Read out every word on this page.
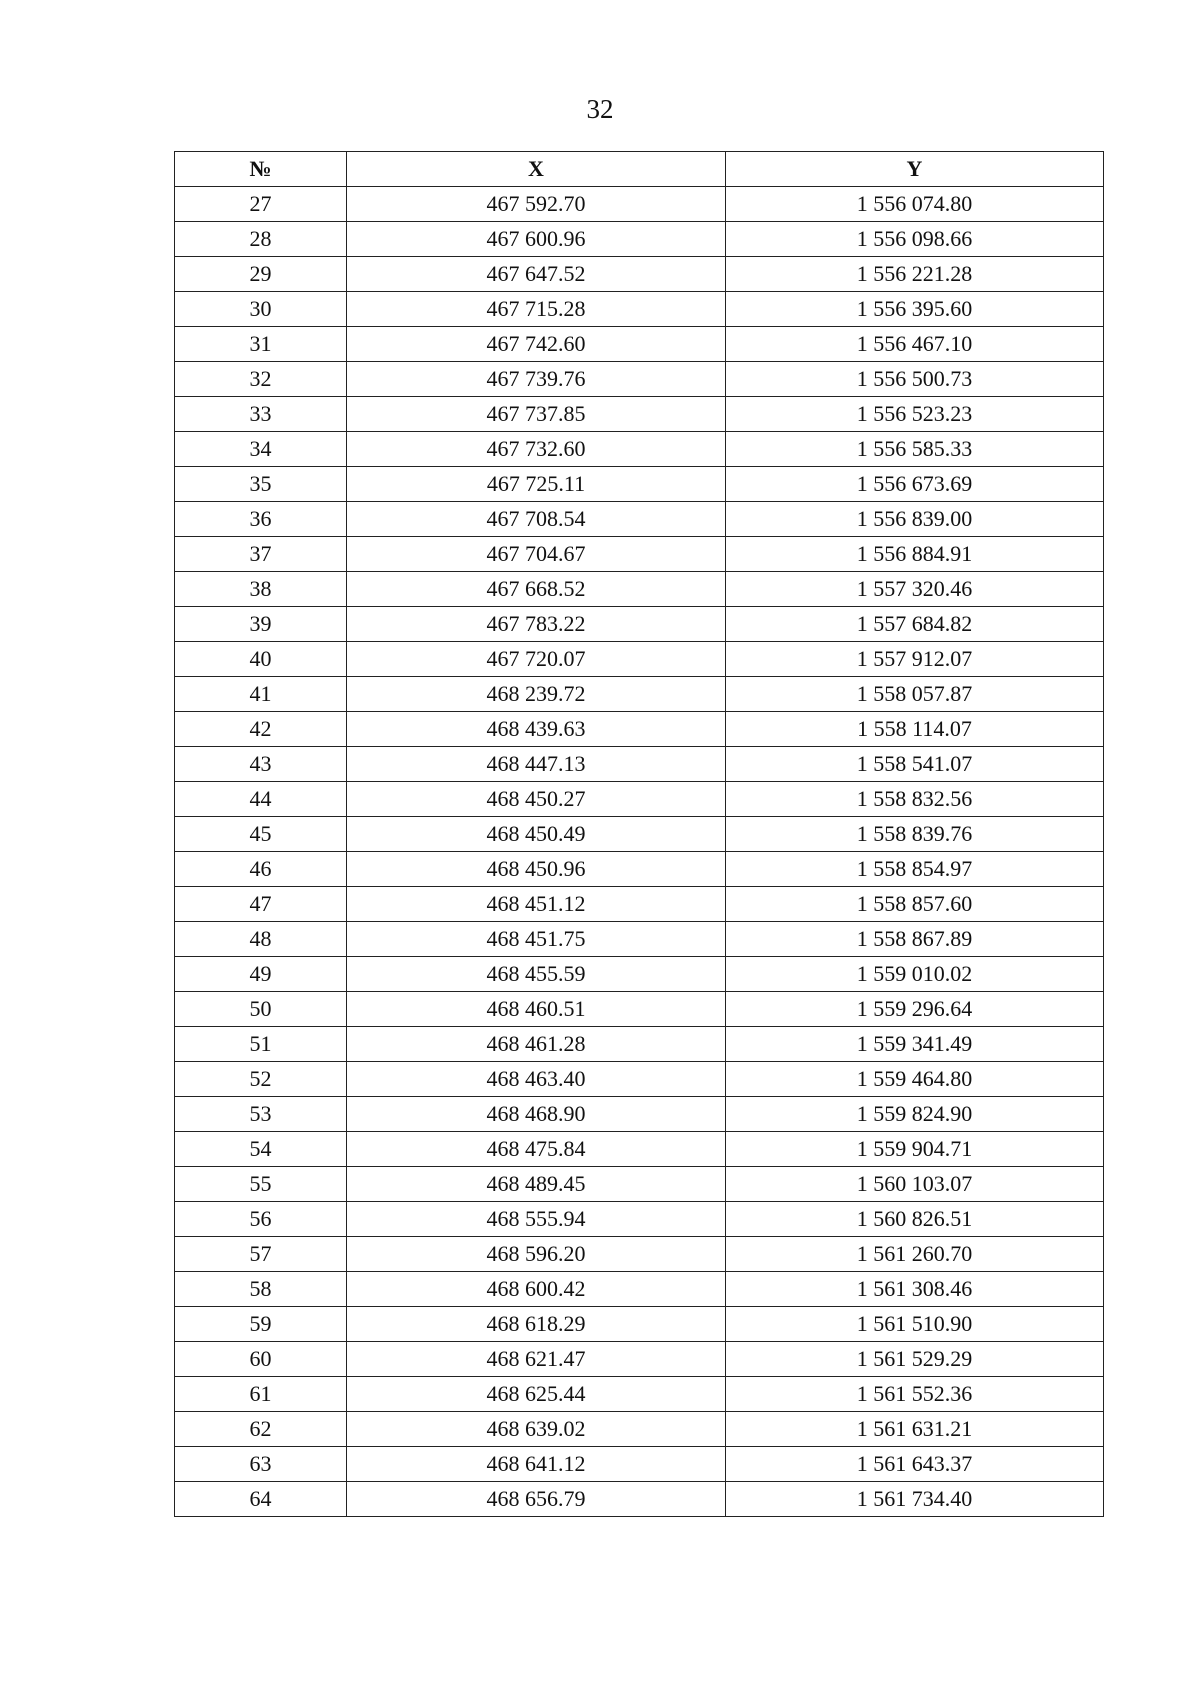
32
№	X	Y
27	467 592.70	1 556 074.80
28	467 600.96	1 556 098.66
29	467 647.52	1 556 221.28
30	467 715.28	1 556 395.60
31	467 742.60	1 556 467.10
32	467 739.76	1 556 500.73
33	467 737.85	1 556 523.23
34	467 732.60	1 556 585.33
35	467 725.11	1 556 673.69
36	467 708.54	1 556 839.00
37	467 704.67	1 556 884.91
38	467 668.52	1 557 320.46
39	467 783.22	1 557 684.82
40	467 720.07	1 557 912.07
41	468 239.72	1 558 057.87
42	468 439.63	1 558 114.07
43	468 447.13	1 558 541.07
44	468 450.27	1 558 832.56
45	468 450.49	1 558 839.76
46	468 450.96	1 558 854.97
47	468 451.12	1 558 857.60
48	468 451.75	1 558 867.89
49	468 455.59	1 559 010.02
50	468 460.51	1 559 296.64
51	468 461.28	1 559 341.49
52	468 463.40	1 559 464.80
53	468 468.90	1 559 824.90
54	468 475.84	1 559 904.71
55	468 489.45	1 560 103.07
56	468 555.94	1 560 826.51
57	468 596.20	1 561 260.70
58	468 600.42	1 561 308.46
59	468 618.29	1 561 510.90
60	468 621.47	1 561 529.29
61	468 625.44	1 561 552.36
62	468 639.02	1 561 631.21
63	468 641.12	1 561 643.37
64	468 656.79	1 561 734.40
